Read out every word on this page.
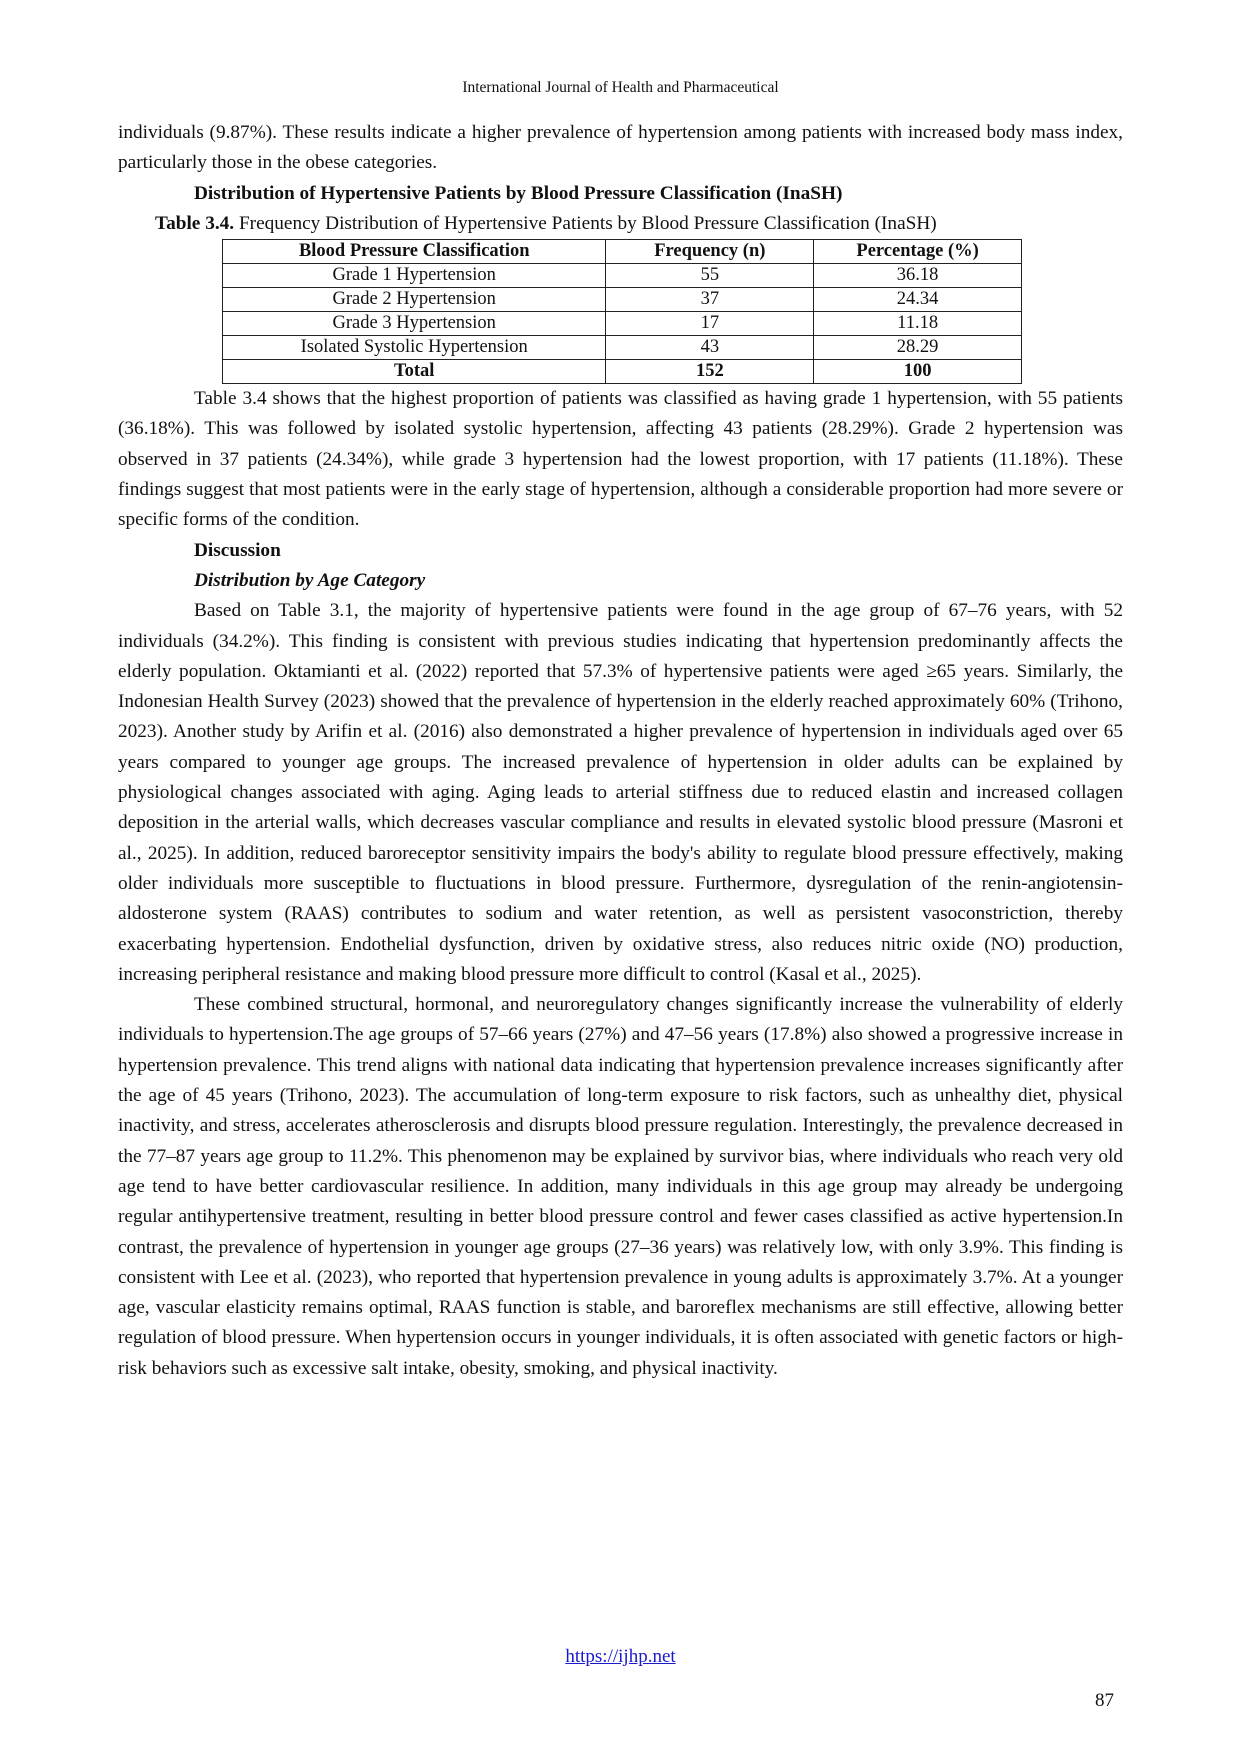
International Journal of Health and Pharmaceutical

individuals (9.87%). These results indicate a higher prevalence of hypertension among patients with increased body mass index, particularly those in the obese categories.

Distribution of Hypertensive Patients by Blood Pressure Classification (InaSH)

Table 3.4. Frequency Distribution of Hypertensive Patients by Blood Pressure Classification (InaSH)

Blood Pressure Classification	Frequency (n)	Percentage (%)
Grade 1 Hypertension	55	36.18
Grade 2 Hypertension	37	24.34
Grade 3 Hypertension	17	11.18
Isolated Systolic Hypertension	43	28.29
Total	152	100

Table 3.4 shows that the highest proportion of patients was classified as having grade 1 hypertension, with 55 patients (36.18%). This was followed by isolated systolic hypertension, affecting 43 patients (28.29%). Grade 2 hypertension was observed in 37 patients (24.34%), while grade 3 hypertension had the lowest proportion, with 17 patients (11.18%). These findings suggest that most patients were in the early stage of hypertension, although a considerable proportion had more severe or specific forms of the condition.

Discussion

Distribution by Age Category

Based on Table 3.1, the majority of hypertensive patients were found in the age group of 67–76 years, with 52 individuals (34.2%). This finding is consistent with previous studies indicating that hypertension predominantly affects the elderly population. Oktamianti et al. (2022) reported that 57.3% of hypertensive patients were aged ≥65 years. Similarly, the Indonesian Health Survey (2023) showed that the prevalence of hypertension in the elderly reached approximately 60% (Trihono, 2023). Another study by Arifin et al. (2016) also demonstrated a higher prevalence of hypertension in individuals aged over 65 years compared to younger age groups. The increased prevalence of hypertension in older adults can be explained by physiological changes associated with aging. Aging leads to arterial stiffness due to reduced elastin and increased collagen deposition in the arterial walls, which decreases vascular compliance and results in elevated systolic blood pressure (Masroni et al., 2025). In addition, reduced baroreceptor sensitivity impairs the body's ability to regulate blood pressure effectively, making older individuals more susceptible to fluctuations in blood pressure. Furthermore, dysregulation of the renin-angiotensin-aldosterone system (RAAS) contributes to sodium and water retention, as well as persistent vasoconstriction, thereby exacerbating hypertension. Endothelial dysfunction, driven by oxidative stress, also reduces nitric oxide (NO) production, increasing peripheral resistance and making blood pressure more difficult to control (Kasal et al., 2025).

These combined structural, hormonal, and neuroregulatory changes significantly increase the vulnerability of elderly individuals to hypertension.The age groups of 57–66 years (27%) and 47–56 years (17.8%) also showed a progressive increase in hypertension prevalence. This trend aligns with national data indicating that hypertension prevalence increases significantly after the age of 45 years (Trihono, 2023). The accumulation of long-term exposure to risk factors, such as unhealthy diet, physical inactivity, and stress, accelerates atherosclerosis and disrupts blood pressure regulation. Interestingly, the prevalence decreased in the 77–87 years age group to 11.2%. This phenomenon may be explained by survivor bias, where individuals who reach very old age tend to have better cardiovascular resilience. In addition, many individuals in this age group may already be undergoing regular antihypertensive treatment, resulting in better blood pressure control and fewer cases classified as active hypertension.In contrast, the prevalence of hypertension in younger age groups (27–36 years) was relatively low, with only 3.9%. This finding is consistent with Lee et al. (2023), who reported that hypertension prevalence in young adults is approximately 3.7%. At a younger age, vascular elasticity remains optimal, RAAS function is stable, and baroreflex mechanisms are still effective, allowing better regulation of blood pressure. When hypertension occurs in younger individuals, it is often associated with genetic factors or high-risk behaviors such as excessive salt intake, obesity, smoking, and physical inactivity.

https://ijhp.net
87
